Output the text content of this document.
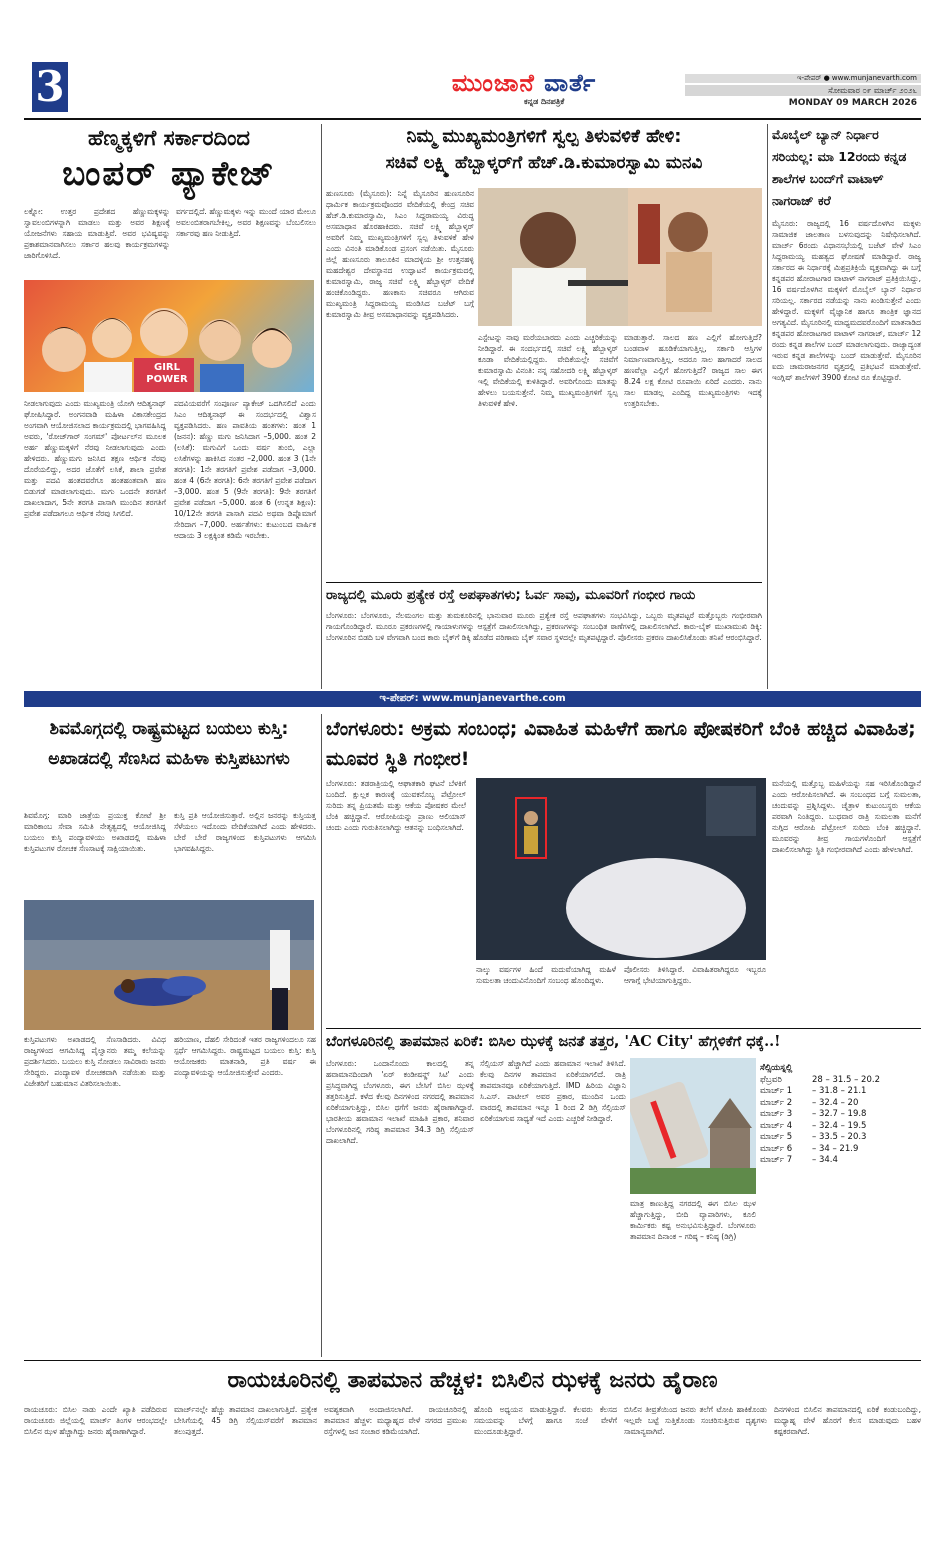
3	ಮುಂಜಾನೆ ವಾರ್ತೆ
ಕನ್ನಡ ದಿನಪತ್ರಿಕೆ
ಇ-ಪೇಪರ್ ● www.munjanevarth.com
ಸೋಮವಾರ ೦೯ ಮಾರ್ಚ್ ೨೦೨೬
MONDAY 09 MARCH 2026
ಹೆಣ್ಮಕ್ಕಳಿಗೆ ಸರ್ಕಾರದಿಂದ
ಬಂಪರ್ ಪ್ಯಾಕೇಜ್
ಲಕ್ನೋ: ಉತ್ತರ ಪ್ರದೇಶದ ಹೆಣ್ಣುಮಕ್ಕಳನ್ನು ಸ್ವಾವಲಂಬಿಗಳನ್ನಾಗಿ ಮಾಡಲು ಮತ್ತು ಅವರ ಶಿಕ್ಷಣಕ್ಕೆ ಯೋಜನೆಗಳು ಸಹಾಯ ಮಾಡುತ್ತಿವೆ. ಅವರ ಭವಿಷ್ಯವನ್ನು ಪ್ರಕಾಶಮಾನವಾಗಿಸಲು ಸರ್ಕಾರ ಹಲವು ಕಾರ್ಯಕ್ರಮಗಳನ್ನು ಜಾರಿಗೊಳಿಸಿದೆ.
ವರ್ಗದಲ್ಲಿದೆ. ಹೆಣ್ಣುಮಕ್ಕಳು ಇನ್ನು ಮುಂದೆ ಯಾರ ಮೇಲೂ ಅವಲಂಬಿತರಾಗಬೇಕಿಲ್ಲ, ಅವರ ಶಿಕ್ಷಣವನ್ನು ಬೆಂಬಲಿಸಲು ಸರ್ಕಾರವು ಹಣ ನೀಡುತ್ತಿದೆ.
GIRL POWER
ನೀಡಲಾಗುವುದು ಎಂದು ಮುಖ್ಯಮಂತ್ರಿ ಯೋಗಿ ಆದಿತ್ಯನಾಥ್ ಘೋಷಿಸಿದ್ದಾರೆ. ಅಂಗನವಾಡಿ ಮಹಿಳಾ ವಿಕಾಸಕೇಂದ್ರದ ಅಂಗವಾಗಿ ಆಯೋಜಿಸಲಾದ ಕಾರ್ಯಕ್ರಮದಲ್ಲಿ ಭಾಗವಹಿಸಿದ್ದ ಅವರು, 'ರೋಜ್‌ಗಾರ್ ಸಂಗಮ್' ಪೋರ್ಟಲ್‌ನ ಮೂಲಕ ಅರ್ಹ ಹೆಣ್ಣುಮಕ್ಕಳಿಗೆ ನೆರವು ನೀಡಲಾಗುವುದು ಎಂದು ಹೇಳಿದರು. ಹೆಣ್ಣುಮಗು ಜನಿಸಿದ ತಕ್ಷಣ ಆರ್ಥಿಕ ನೆರವು ದೊರೆಯಲಿದ್ದು, ಅದರ ಜೊತೆಗೆ ಲಸಿಕೆ, ಶಾಲಾ ಪ್ರವೇಶ ಮತ್ತು ಪದವಿ ಹಂತದವರೆಗೂ ಹಂತಹಂತವಾಗಿ ಹಣ ಬಿಡುಗಡೆ ಮಾಡಲಾಗುವುದು. ಮಗು ಒಂದನೇ ತರಗತಿಗೆ ದಾಖಲಾದಾಗ, 5ನೇ ತರಗತಿ ಪಾಸಾಗಿ ಮುಂದಿನ ತರಗತಿಗೆ ಪ್ರವೇಶ ಪಡೆದಾಗಲೂ ಆರ್ಥಿಕ ನೆರವು ಸಿಗಲಿದೆ.
ಪದವಿಯವರೆಗೆ ಸಂಪೂರ್ಣ ಪ್ಯಾಕೇಜ್ ಒದಗಿಸಲಿದೆ ಎಂದು ಸಿಎಂ ಆದಿತ್ಯನಾಥ್ ಈ ಸಂದರ್ಭದಲ್ಲಿ ವಿಶ್ವಾಸ ವ್ಯಕ್ತಪಡಿಸಿದರು. ಹಣ ಪಾವತಿಯ ಹಂತಗಳು: ಹಂತ 1 (ಜನನ): ಹೆಣ್ಣು ಮಗು ಜನಿಸಿದಾಗ –5,000. ಹಂತ 2 (ಲಸಿಕೆ): ಮಗುವಿಗೆ ಒಂದು ವರ್ಷ ತುಂಬಿ, ಎಲ್ಲಾ ಲಸಿಕೆಗಳನ್ನು ಹಾಕಿಸಿದ ನಂತರ –2,000. ಹಂತ 3 (1ನೇ ತರಗತಿ): 1ನೇ ತರಗತಿಗೆ ಪ್ರವೇಶ ಪಡೆದಾಗ –3,000. ಹಂತ 4 (6ನೇ ತರಗತಿ): 6ನೇ ತರಗತಿಗೆ ಪ್ರವೇಶ ಪಡೆದಾಗ –3,000. ಹಂತ 5 (9ನೇ ತರಗತಿ): 9ನೇ ತರಗತಿಗೆ ಪ್ರವೇಶ ಪಡೆದಾಗ –5,000. ಹಂತ 6 (ಉನ್ನತ ಶಿಕ್ಷಣ): 10/12ನೇ ತರಗತಿ ಪಾಸಾಗಿ ಪದವಿ ಅಥವಾ ಡಿಪ್ಲೊಮಾಗೆ ಸೇರಿದಾಗ –7,000. ಅರ್ಹತೆಗಳು: ಕುಟುಂಬದ ವಾರ್ಷಿಕ ಆದಾಯ 3 ಲಕ್ಷಕ್ಕಿಂತ ಕಡಿಮೆ ಇರಬೇಕು.
ನಿಮ್ಮ ಮುಖ್ಯಮಂತ್ರಿಗಳಿಗೆ ಸ್ವಲ್ಪ ತಿಳುವಳಿಕೆ ಹೇಳಿ:
ಸಚಿವೆ ಲಕ್ಷ್ಮಿ ಹೆಬ್ಬಾಳ್ಕರ್‌ಗೆ ಹೆಚ್.ಡಿ.ಕುಮಾರಸ್ವಾಮಿ ಮನವಿ
ಹುಣಸೂರು (ಮೈಸೂರು): ನಿನ್ನೆ ಮೈಸೂರಿನ ಹುಣಸೂರಿನ ಧಾರ್ಮಿಕ ಕಾರ್ಯಕ್ರಮವೊಂದರ ವೇದಿಕೆಯಲ್ಲಿ ಕೇಂದ್ರ ಸಚಿವ ಹೆಚ್.ಡಿ.ಕುಮಾರಸ್ವಾಮಿ, ಸಿಎಂ ಸಿದ್ದರಾಮಯ್ಯ ವಿರುದ್ಧ ಅಸಮಾಧಾನ ಹೊರಹಾಕಿದರು. ಸಚಿವೆ ಲಕ್ಷ್ಮಿ ಹೆಬ್ಬಾಳ್ಕರ್ ಅವರಿಗೆ ನಿಮ್ಮ ಮುಖ್ಯಮಂತ್ರಿಗಳಿಗೆ ಸ್ವಲ್ಪ ತಿಳುವಳಿಕೆ ಹೇಳಿ ಎಂದು ವಿನಂತಿ ಮಾಡಿಕೊಂಡ ಪ್ರಸಂಗ ನಡೆಯಿತು. ಮೈಸೂರು ಜಿಲ್ಲೆ ಹುಣಸೂರು ತಾಲೂಕಿನ ಮಾದಳ್ಳಿಯ ಶ್ರೀ ಉತ್ತನಹಳ್ಳಿ ಮಹದೇಶ್ವರ ದೇವಸ್ಥಾನದ ಉದ್ಘಾಟನೆ ಕಾರ್ಯಕ್ರಮದಲ್ಲಿ ಕುಮಾರಸ್ವಾಮಿ, ರಾಜ್ಯ ಸಚಿವೆ ಲಕ್ಷ್ಮಿ ಹೆಬ್ಬಾಳ್ಕರ್ ವೇದಿಕೆ ಹಂಚಿಕೊಂಡಿದ್ದರು. ಹಣಕಾಸು ಸಚಿವರೂ ಆಗಿರುವ ಮುಖ್ಯಮಂತ್ರಿ ಸಿದ್ದರಾಮಯ್ಯ ಮಂಡಿಸಿದ ಬಜೆಟ್ ಬಗ್ಗೆ ಕುಮಾರಸ್ವಾಮಿ ತೀವ್ರ ಅಸಮಾಧಾನವನ್ನು ವ್ಯಕ್ತಪಡಿಸಿದರು.
ಎಸ್ಟೇಟನ್ನು ನಾವು ಮರೆಯಬಾರದು ಎಂದು ಎಚ್ಚರಿಕೆಯನ್ನು ನೀಡಿದ್ದಾರೆ. ಈ ಸಂದರ್ಭದಲ್ಲಿ ಸಚಿವೆ ಲಕ್ಷ್ಮಿ ಹೆಬ್ಬಾಳ್ಕರ್ ಕೂಡಾ ವೇದಿಕೆಯಲ್ಲಿದ್ದರು. ವೇದಿಕೆಯಲ್ಲೇ ಸಚಿವೆಗೆ ಕುಮಾರಸ್ವಾಮಿ ವಿನಂತಿ: ನನ್ನ ಸಹೋದರಿ ಲಕ್ಷ್ಮಿ ಹೆಬ್ಬಾಳ್ಕರ್ ಇಲ್ಲಿ ವೇದಿಕೆಯಲ್ಲಿ ಕುಳಿತಿದ್ದಾರೆ. ಅವರಿಗೊಂದು ಮಾತನ್ನು ಹೇಳಲು ಬಯಸುತ್ತೇನೆ. ನಿಮ್ಮ ಮುಖ್ಯಮಂತ್ರಿಗಳಿಗೆ ಸ್ವಲ್ಪ ತಿಳುವಳಿಕೆ ಹೇಳಿ.
ಮಾಡುತ್ತಾರೆ. ಸಾಲದ ಹಣ ಎಲ್ಲಿಗೆ ಹೋಗುತ್ತಿದೆ? ಬಂಡವಾಳ ಹೂಡಿಕೆಯಾಗುತ್ತಿಲ್ಲ, ಸರ್ಕಾರಿ ಆಸ್ತಿಗಳ ನಿರ್ಮಾಣವಾಗುತ್ತಿಲ್ಲ. ಅದರೂ ಸಾಲ ಹಾಗಾದರೆ ಸಾಲದ ಹಣವೆಲ್ಲಾ ಎಲ್ಲಿಗೆ ಹೋಗುತ್ತಿದೆ? ರಾಜ್ಯದ ಸಾಲ ಈಗ 8.24 ಲಕ್ಷ ಕೋಟಿ ರೂಪಾಯಿ ಏರಿದೆ ಎಂದರು. ನಾನು ಸಾಲ ಮಾಡಲ್ಲ ಎಂದಿದ್ದ ಮುಖ್ಯಮಂತ್ರಿಗಳು ಇದಕ್ಕೆ ಉತ್ತರಿಸಬೇಕು.
ರಾಜ್ಯದಲ್ಲಿ ಮೂರು ಪ್ರತ್ಯೇಕ ರಸ್ತೆ ಅಪಘಾತಗಳು; ಓರ್ವ ಸಾವು, ಮೂವರಿಗೆ ಗಂಭೀರ ಗಾಯ
ಬೆಂಗಳೂರು: ಬೆಂಗಳೂರು, ನೆಲಮಂಗಲ ಮತ್ತು ತುಮಕೂರಿನಲ್ಲಿ ಭಾನುವಾರ ಮೂರು ಪ್ರತ್ಯೇಕ ರಸ್ತೆ ಅಪಘಾತಗಳು ಸಂಭವಿಸಿದ್ದು, ಒಬ್ಬರು ಮೃತಪಟ್ಟರೆ ಮತ್ತೊಬ್ಬರು ಗಂಭೀರವಾಗಿ ಗಾಯಗೊಂಡಿದ್ದಾರೆ. ಮೂರೂ ಪ್ರಕರಣಗಳಲ್ಲಿ ಗಾಯಾಳುಗಳನ್ನು ಆಸ್ಪತ್ರೆಗೆ ದಾಖಲಿಸಲಾಗಿದ್ದು, ಪ್ರಕರಣಗಳನ್ನು ಸಂಬಂಧಿತ ಠಾಣೆಗಳಲ್ಲಿ ದಾಖಲಿಸಲಾಗಿದೆ. ಕಾರು-ಬೈಕ್ ಮುಖಾಮುಖಿ ಡಿಕ್ಕಿ: ಬೆಂಗಳೂರಿನ ಬಿಡದಿ ಬಳಿ ವೇಗವಾಗಿ ಬಂದ ಕಾರು ಬೈಕ್‌ಗೆ ಡಿಕ್ಕಿ ಹೊಡೆದ ಪರಿಣಾಮ ಬೈಕ್ ಸವಾರ ಸ್ಥಳದಲ್ಲೇ ಮೃತಪಟ್ಟಿದ್ದಾರೆ. ಪೊಲೀಸರು ಪ್ರಕರಣ ದಾಖಲಿಸಿಕೊಂಡು ತನಿಖೆ ಆರಂಭಿಸಿದ್ದಾರೆ.
ಮೊಬೈಲ್ ಬ್ಯಾನ್ ನಿರ್ಧಾರ ಸರಿಯಲ್ಲ: ಮಾ 12ರಂದು ಕನ್ನಡ ಶಾಲೆಗಳ ಬಂದ್‌ಗೆ ವಾಟಾಳ್ ನಾಗರಾಜ್ ಕರೆ
ಮೈಸೂರು: ರಾಜ್ಯದಲ್ಲಿ 16 ವರ್ಷದೊಳಗಿನ ಮಕ್ಕಳು ಸಾಮಾಜಿಕ ಜಾಲತಾಣ ಬಳಸುವುದನ್ನು ನಿಷೇಧಿಸಲಾಗಿದೆ. ಮಾರ್ಚ್ 6ರಂದು ವಿಧಾನಸಭೆಯಲ್ಲಿ ಬಜೆಟ್ ವೇಳೆ ಸಿಎಂ ಸಿದ್ದರಾಮಯ್ಯ ಮಹತ್ವದ ಘೋಷಣೆ ಮಾಡಿದ್ದಾರೆ. ರಾಜ್ಯ ಸರ್ಕಾರದ ಈ ನಿರ್ಧಾರಕ್ಕೆ ಮಿಶ್ರಪ್ರತಿಕ್ರಿಯೆ ವ್ಯಕ್ತವಾಗಿದ್ದು ಈ ಬಗ್ಗೆ ಕನ್ನಡಪರ ಹೋರಾಟಗಾರ ವಾಟಾಳ್ ನಾಗರಾಜ್ ಪ್ರತಿಕ್ರಿಯಿಸಿದ್ದು, 16 ವರ್ಷದೊಳಗಿನ ಮಕ್ಕಳಿಗೆ ಮೊಬೈಲ್ ಬ್ಯಾನ್ ನಿರ್ಧಾರ ಸರಿಯಲ್ಲ. ಸರ್ಕಾರದ ನಡೆಯನ್ನು ನಾನು ಖಂಡಿಸುತ್ತೇನೆ ಎಂದು ಹೇಳಿದ್ದಾರೆ. ಮಕ್ಕಳಿಗೆ ವೈಜ್ಞಾನಿಕ ಹಾಗೂ ತಾಂತ್ರಿಕ ಜ್ಞಾನದ ಅಗತ್ಯವಿದೆ. ಮೈಸೂರಿನಲ್ಲಿ ಮಾಧ್ಯಮದವರೊಂದಿಗೆ ಮಾತನಾಡಿದ ಕನ್ನಡಪರ ಹೋರಾಟಗಾರ ವಾಟಾಳ್ ನಾಗರಾಜ್, ಮಾರ್ಚ್ 12 ರಂದು ಕನ್ನಡ ಶಾಲೆಗಳ ಬಂದ್ ಮಾಡಲಾಗುವುದು. ರಾಜ್ಯಾದ್ಯಂತ ಇರುವ ಕನ್ನಡ ಶಾಲೆಗಳನ್ನು ಬಂದ್ ಮಾಡುತ್ತೇವೆ. ಮೈಸೂರಿನ ಐದು ಚಾಮರಾಜನಗರ ವೃತ್ತದಲ್ಲಿ ಪ್ರತಿಭಟನೆ ಮಾಡುತ್ತೇವೆ. ಇಂಗ್ಲಿಷ್ ಶಾಲೆಗಳಿಗೆ 3900 ಕೋಟಿ ರೂ ಕೊಟ್ಟಿದ್ದಾರೆ.
ಇ-ಪೇಪರ್: www.munjanevarthe.com
ಶಿವಮೊಗ್ಗದಲ್ಲಿ ರಾಷ್ಟ್ರಮಟ್ಟದ ಬಯಲು ಕುಸ್ತಿ: ಅಖಾಡದಲ್ಲಿ ಸೆಣಸಿದ ಮಹಿಳಾ ಕುಸ್ತಿಪಟುಗಳು
ಶಿವಮೊಗ್ಗ: ಮಾರಿ ಜಾತ್ರೆಯ ಪ್ರಯುಕ್ತ ಕೋಟೆ ಶ್ರೀ ಮಾರಿಕಾಂಬ ಸೇವಾ ಸಮಿತಿ ನೇತೃತ್ವದಲ್ಲಿ ಆಯೋಜಿಸಿದ್ದ ಬಯಲು ಕುಸ್ತಿ ಪಂದ್ಯಾವಳಿಯು ಅಖಾಡದಲ್ಲಿ ಮಹಿಳಾ ಕುಸ್ತಿಪಟುಗಳ ರೋಚಕ ಸೆಣಸಾಟಕ್ಕೆ ಸಾಕ್ಷಿಯಾಯಿತು.
ಕುಸ್ತಿ ಪ್ರತಿ ಆಯೋಜಿಸುತ್ತಾರೆ. ಅಲ್ಲಿನ ಜನರನ್ನು ಕುಸ್ತಿಯತ್ತ ಸೆಳೆಯಲು ಇದೊಂದು ವೇದಿಕೆಯಾಗಿದೆ ಎಂದು ಹೇಳಿದರು. ಬೇರೆ ಬೇರೆ ರಾಜ್ಯಗಳಿಂದ ಕುಸ್ತಿಪಟುಗಳು ಆಗಮಿಸಿ ಭಾಗವಹಿಸಿದ್ದರು.
ಕುಸ್ತಿಪಟುಗಳು ಅಖಾಡದಲ್ಲಿ ಸೆಣಸಾಡಿದರು. ವಿವಿಧ ರಾಜ್ಯಗಳಿಂದ ಆಗಮಿಸಿದ್ದ ಪೈಲ್ವಾನರು ತಮ್ಮ ಕಲೆಯನ್ನು ಪ್ರದರ್ಶಿಸಿದರು. ಬಯಲು ಕುಸ್ತಿ ನೋಡಲು ಸಾವಿರಾರು ಜನರು ಸೇರಿದ್ದರು. ಪಂದ್ಯಾವಳಿ ರೋಚಕವಾಗಿ ನಡೆಯಿತು ಮತ್ತು ವಿಜೇತರಿಗೆ ಬಹುಮಾನ ವಿತರಿಸಲಾಯಿತು.
ಹರಿಯಾಣ, ದೆಹಲಿ ಸೇರಿದಂತೆ ಇತರ ರಾಜ್ಯಗಳಿಂದಲೂ ಸಹ ಸ್ಪರ್ಧೆ ಆಗಮಿಸಿದ್ದರು. ರಾಷ್ಟ್ರಮಟ್ಟದ ಬಯಲು ಕುಸ್ತಿ: ಕುಸ್ತಿ ಆಯೋಜಕರು ಮಾತನಾಡಿ, ಪ್ರತಿ ವರ್ಷ ಈ ಪಂದ್ಯಾವಳಿಯನ್ನು ಆಯೋಜಿಸುತ್ತೇವೆ ಎಂದರು.
ಬೆಂಗಳೂರು: ಅಕ್ರಮ ಸಂಬಂಧ; ವಿವಾಹಿತ ಮಹಿಳೆಗೆ ಹಾಗೂ ಪೋಷಕರಿಗೆ ಬೆಂಕಿ ಹಚ್ಚಿದ ವಿವಾಹಿತ; ಮೂವರ ಸ್ಥಿತಿ ಗಂಭೀರ!
ಬೆಂಗಳೂರು: ತಡರಾತ್ರಿಯಲ್ಲಿ ಆಘಾತಕಾರಿ ಘಟನೆ ಬೆಳಕಿಗೆ ಬಂದಿದೆ. ಕ್ಷುಲ್ಲಕ ಕಾರಣಕ್ಕೆ ಯುವಕನೊಬ್ಬ ಪೆಟ್ರೋಲ್ ಸುರಿದು ತನ್ನ ಪ್ರಿಯತಮೆ ಮತ್ತು ಆಕೆಯ ಪೋಷಕರ ಮೇಲೆ ಬೆಂಕಿ ಹಚ್ಚಿದ್ದಾನೆ. ಆರೋಪಿಯನ್ನು ಪ್ರಾಣು ಆಲಿಯಾಸ್ ಚಂದು ಎಂದು ಗುರುತಿಸಲಾಗಿದ್ದು ಆತನನ್ನು ಬಂಧಿಸಲಾಗಿದೆ.
ನಾಲ್ಕು ವರ್ಷಗಳ ಹಿಂದೆ ಮದುವೆಯಾಗಿದ್ದ ಮಹಿಳೆ ಸುಮಲತಾ ಚಂದುವಿನೊಂದಿಗೆ ಸಂಬಂಧ ಹೊಂದಿದ್ದಳು.
ಪೊಲೀಸರು ತಿಳಿಸಿದ್ದಾರೆ. ವಿವಾಹಿತರಾಗಿದ್ದರೂ ಇಬ್ಬರೂ ಆಗಾಗ್ಗೆ ಭೇಟಿಯಾಗುತ್ತಿದ್ದರು.
ಮನೆಯಲ್ಲಿ ಮತ್ತೊಬ್ಬ ಮಹಿಳೆಯನ್ನು ಸಹ ಇರಿಸಿಕೊಂಡಿದ್ದಾನೆ ಎಂದು ಆರೋಪಿಸಲಾಗಿದೆ. ಈ ಸಂಬಂಧದ ಬಗ್ಗೆ ಸುಮಲತಾ, ಚಂದುವನ್ನು ಪ್ರಶ್ನಿಸಿದ್ದಳು. ಚೈತ್ರಾಳ ಕುಟುಂಬಸ್ಥರು ಆಕೆಯ ಪರವಾಗಿ ನಿಂತಿದ್ದರು. ಬುಧವಾರ ರಾತ್ರಿ ಸುಮಲತಾ ಮನೆಗೆ ನುಗ್ಗಿದ ಆರೋಪಿ ಪೆಟ್ರೋಲ್ ಸುರಿದು ಬೆಂಕಿ ಹಚ್ಚಿದ್ದಾನೆ. ಮೂವರನ್ನು ತೀವ್ರ ಗಾಯಗಳೊಂದಿಗೆ ಆಸ್ಪತ್ರೆಗೆ ದಾಖಲಿಸಲಾಗಿದ್ದು ಸ್ಥಿತಿ ಗಂಭೀರವಾಗಿದೆ ಎಂದು ಹೇಳಲಾಗಿದೆ.
ಬೆಂಗಳೂರಿನಲ್ಲಿ ತಾಪಮಾನ ಏರಿಕೆ: ಬಿಸಿಲ ಝಳಕ್ಕೆ ಜನತೆ ತತ್ತರ, 'AC City' ಹೆಗ್ಗಳಿಕೆಗೆ ಧಕ್ಕೆ..!
ಬೆಂಗಳೂರು: ಒಂದಾನೊಂದು ಕಾಲದಲ್ಲಿ ತನ್ನ ಹವಾಮಾನದಿಂದಾಗಿ 'ಏರ್ ಕಂಡೀಷನ್ಡ್ ಸಿಟಿ' ಎಂದು ಪ್ರಸಿದ್ಧವಾಗಿದ್ದ ಬೆಂಗಳೂರು, ಈಗ ಬೇಸಿಗೆ ಬಿಸಿಲ ಝಳಕ್ಕೆ ತತ್ತರಿಸುತ್ತಿದೆ. ಕಳೆದ ಕೆಲವು ದಿನಗಳಿಂದ ನಗರದಲ್ಲಿ ತಾಪಮಾನ ಏರಿಕೆಯಾಗುತ್ತಿದ್ದು, ಬಿಸಿಲ ಧಗೆಗೆ ಜನರು ಹೈರಾಣಾಗಿದ್ದಾರೆ. ಭಾರತೀಯ ಹವಾಮಾನ ಇಲಾಖೆ ಮಾಹಿತಿ ಪ್ರಕಾರ, ಶನಿವಾರ ಬೆಂಗಳೂರಿನಲ್ಲಿ ಗರಿಷ್ಠ ತಾಪಮಾನ 34.3 ಡಿಗ್ರಿ ಸೆಲ್ಸಿಯಸ್ ದಾಖಲಾಗಿದೆ.
ಸೆಲ್ಸಿಯಸ್ ಹೆಚ್ಚಾಗಿದೆ ಎಂದು ಹವಾಮಾನ ಇಲಾಖೆ ತಿಳಿಸಿದೆ. ಕೆಲವು ದಿನಗಳ ತಾಪಮಾನ ಏರಿಕೆಯಾಗಲಿದೆ. ರಾತ್ರಿ ತಾಪಮಾನವೂ ಏರಿಕೆಯಾಗುತ್ತಿದೆ. IMD ಹಿರಿಯ ವಿಜ್ಞಾನಿ ಸಿ.ಎಸ್. ಪಾಟೀಲ್ ಅವರ ಪ್ರಕಾರ, ಮುಂದಿನ ಒಂದು ವಾರದಲ್ಲಿ ತಾಪಮಾನ ಇನ್ನೂ 1 ರಿಂದ 2 ಡಿಗ್ರಿ ಸೆಲ್ಸಿಯಸ್ ಏರಿಕೆಯಾಗುವ ಸಾಧ್ಯತೆ ಇದೆ ಎಂದು ಎಚ್ಚರಿಕೆ ನೀಡಿದ್ದಾರೆ.
ಮಾತ್ರ ಕಾಣುತ್ತಿದ್ದ ನಗರದಲ್ಲಿ ಈಗ ಬಿಸಿಲ ಝಳ ಹೆಚ್ಚಾಗುತ್ತಿದ್ದು, ಬೀದಿ ವ್ಯಾಪಾರಿಗಳು, ಕೂಲಿ ಕಾರ್ಮಿಕರು ಕಷ್ಟ ಅನುಭವಿಸುತ್ತಿದ್ದಾರೆ. ಬೆಂಗಳೂರು ತಾಪಮಾನ ದಿನಾಂಕ – ಗರಿಷ್ಠ – ಕನಿಷ್ಠ (ಡಿಗ್ರಿ)
ಸೆಲ್ಸಿಯಸ್ನಲ್ಲಿ
ಫೆಬ್ರವರಿ	28 – 31.5 – 20.2
ಮಾರ್ಚ್ 1	– 31.8 – 21.1
ಮಾರ್ಚ್ 2	– 32.4 – 20
ಮಾರ್ಚ್ 3	– 32.7 – 19.8
ಮಾರ್ಚ್ 4	– 32.4 – 19.5
ಮಾರ್ಚ್ 5	– 33.5 – 20.3
ಮಾರ್ಚ್ 6	– 34 – 21.9
ಮಾರ್ಚ್ 7	– 34.4
ರಾಯಚೂರಿನಲ್ಲಿ ತಾಪಮಾನ ಹೆಚ್ಚಳ: ಬಿಸಿಲಿನ ಝಳಕ್ಕೆ ಜನರು ಹೈರಾಣ
ರಾಯಚೂರು: ಬಿಸಿಲ ನಾಡು ಎಂದೇ ಖ್ಯಾತಿ ಪಡೆದಿರುವ ರಾಯಚೂರು ಜಿಲ್ಲೆಯಲ್ಲಿ ಮಾರ್ಚ್ ತಿಂಗಳ ಆರಂಭದಲ್ಲೇ ಬಿಸಿಲಿನ ಝಳ ಹೆಚ್ಚಾಗಿದ್ದು ಜನರು ಹೈರಾಣಾಗಿದ್ದಾರೆ.
ಮಾರ್ಚ್‌ನಲ್ಲೇ ಹೆಚ್ಚು ತಾಪಮಾನ ದಾಖಲಾಗುತ್ತಿದೆ. ಪ್ರತ್ಯೇಕ ಬೇಸಿಗೆಯಲ್ಲಿ 45 ಡಿಗ್ರಿ ಸೆಲ್ಸಿಯಸ್‌ವರೆಗೆ ತಾಪಮಾನ ತಲುಪುತ್ತದೆ.
ಅವಶ್ಯಕವಾಗಿ ಅಂದಾಜಿಸಲಾಗಿದೆ. ರಾಯಚೂರಿನಲ್ಲಿ ತಾಪಮಾನ ಹೆಚ್ಚಳ: ಮಧ್ಯಾಹ್ನದ ವೇಳೆ ನಗರದ ಪ್ರಮುಖ ರಸ್ತೆಗಳಲ್ಲಿ ಜನ ಸಂಚಾರ ಕಡಿಮೆಯಾಗಿದೆ.
ಹೊಂದಿ ಅಧ್ಯಯನ ಮಾಡುತ್ತಿದ್ದಾರೆ. ಕೆಲವರು ಕೆಲಸದ ಸಮಯವನ್ನು ಬೆಳಗ್ಗೆ ಹಾಗೂ ಸಂಜೆ ವೇಳೆಗೆ ಮುಂದೂಡುತ್ತಿದ್ದಾರೆ.
ಬಿಸಿಲಿನ ತೀವ್ರತೆಯಿಂದ ಜನರು ತಲೆಗೆ ಟೋಪಿ ಹಾಕಿಕೊಂಡು ಇಲ್ಲವೇ ಬಟ್ಟೆ ಸುತ್ತಿಕೊಂಡು ಸಂಚರಿಸುತ್ತಿರುವ ದೃಶ್ಯಗಳು ಸಾಮಾನ್ಯವಾಗಿವೆ.
ದಿನಗಳಿಂದ ಬಿಸಿಲಿನ ತಾಪಮಾನದಲ್ಲಿ ಏರಿಕೆ ಕಂಡುಬಂದಿದ್ದು, ಮಧ್ಯಾಹ್ನ ವೇಳೆ ಹೊರಗೆ ಕೆಲಸ ಮಾಡುವುದು ಬಹಳ ಕಷ್ಟಕರವಾಗಿದೆ.
